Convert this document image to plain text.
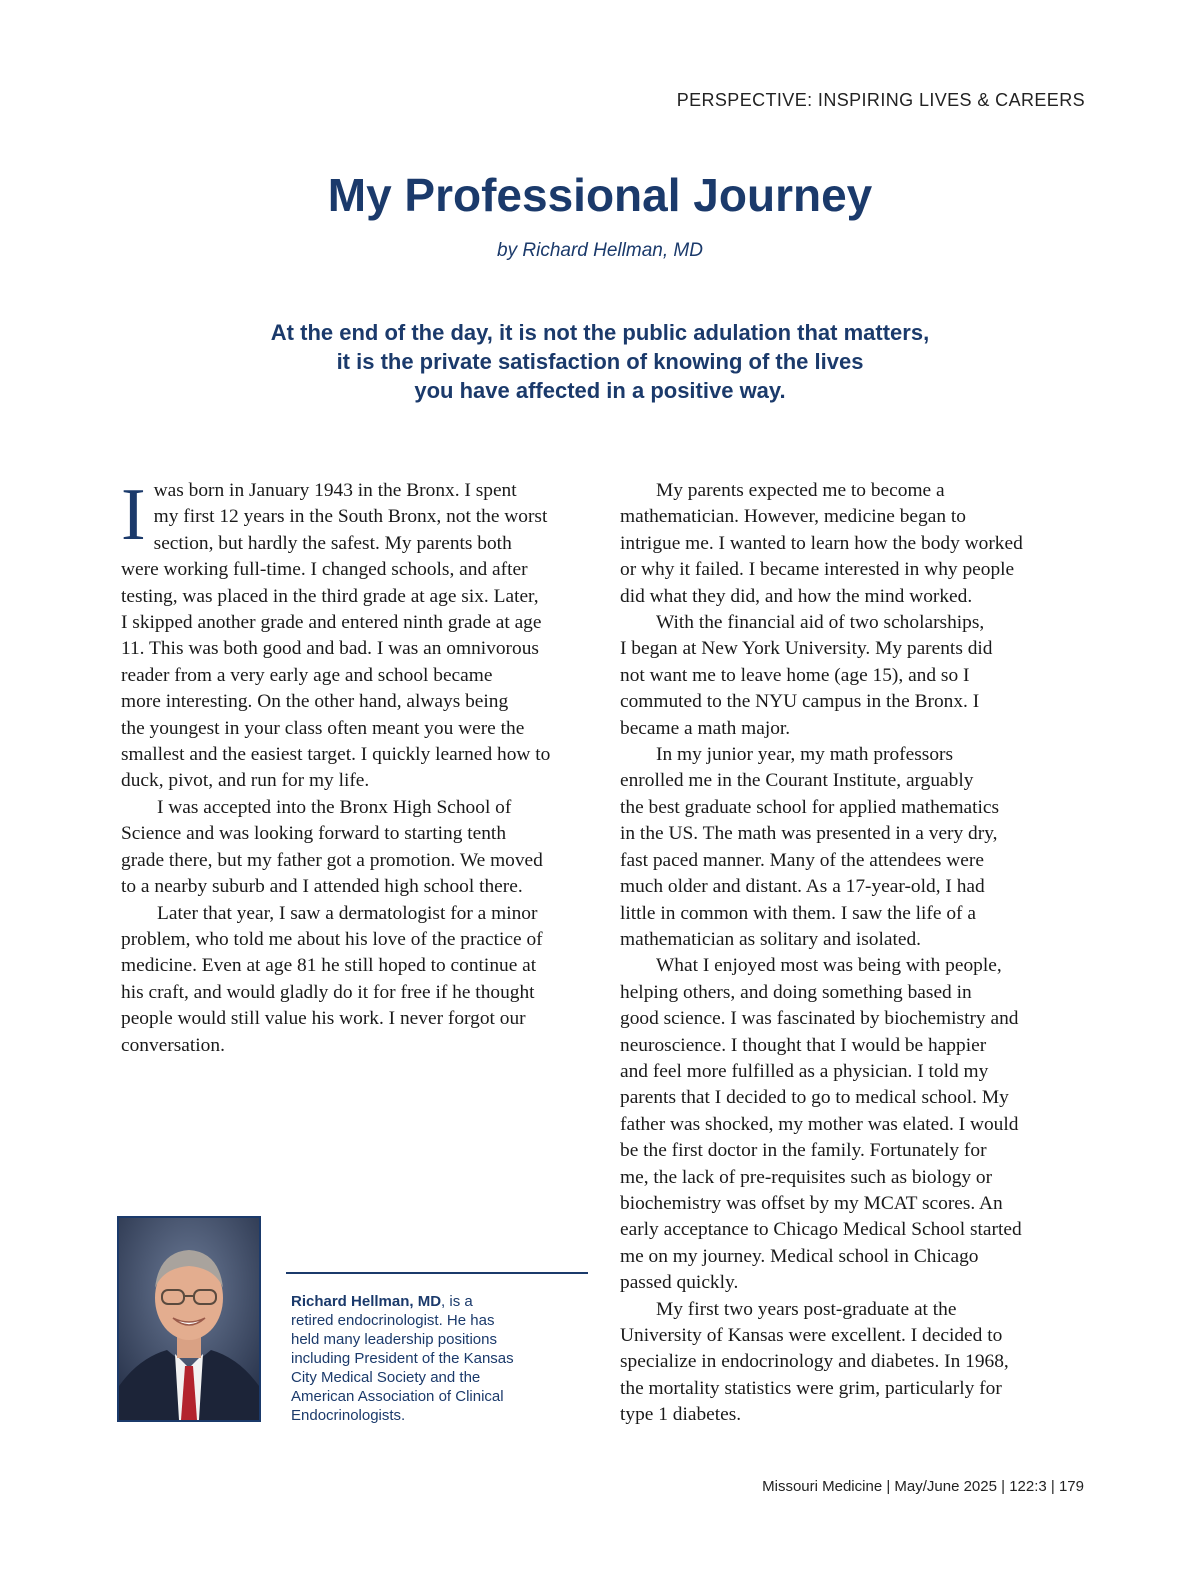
PERSPECTIVE: INSPIRING LIVES & CAREERS
My Professional Journey
by Richard Hellman, MD
At the end of the day, it is not the public adulation that matters,
it is the private satisfaction of knowing of the lives
you have affected in a positive way.

I was born in January 1943 in the Bronx. I spent
my first 12 years in the South Bronx, not the worst
section, but hardly the safest. My parents both
were working full-time. I changed schools, and after
testing, was placed in the third grade at age six. Later,
I skipped another grade and entered ninth grade at age
11. This was both good and bad. I was an omnivorous
reader from a very early age and school became
more interesting. On the other hand, always being
the youngest in your class often meant you were the
smallest and the easiest target. I quickly learned how to
duck, pivot, and run for my life.

I was accepted into the Bronx High School of
Science and was looking forward to starting tenth
grade there, but my father got a promotion. We moved
to a nearby suburb and I attended high school there.

Later that year, I saw a dermatologist for a minor
problem, who told me about his love of the practice of
medicine. Even at age 81 he still hoped to continue at
his craft, and would gladly do it for free if he thought
people would still value his work. I never forgot our
conversation.

My parents expected me to become a
mathematician. However, medicine began to
intrigue me. I wanted to learn how the body worked
or why it failed. I became interested in why people
did what they did, and how the mind worked.

With the financial aid of two scholarships,
I began at New York University. My parents did
not want me to leave home (age 15), and so I
commuted to the NYU campus in the Bronx. I
became a math major.

In my junior year, my math professors
enrolled me in the Courant Institute, arguably
the best graduate school for applied mathematics
in the US. The math was presented in a very dry,
fast paced manner. Many of the attendees were
much older and distant. As a 17-year-old, I had
little in common with them. I saw the life of a
mathematician as solitary and isolated.

What I enjoyed most was being with people,
helping others, and doing something based in
good science. I was fascinated by biochemistry and
neuroscience. I thought that I would be happier
and feel more fulfilled as a physician. I told my
parents that I decided to go to medical school. My
father was shocked, my mother was elated. I would
be the first doctor in the family. Fortunately for
me, the lack of pre-requisites such as biology or
biochemistry was offset by my MCAT scores. An
early acceptance to Chicago Medical School started
me on my journey. Medical school in Chicago
passed quickly.

My first two years post-graduate at the
University of Kansas were excellent. I decided to
specialize in endocrinology and diabetes. In 1968,
the mortality statistics were grim, particularly for
type 1 diabetes.

Richard Hellman, MD, is a
retired endocrinologist. He has
held many leadership positions
including President of the Kansas
City Medical Society and the
American Association of Clinical
Endocrinologists.
Missouri Medicine | May/June 2025 | 122:3 | 179
